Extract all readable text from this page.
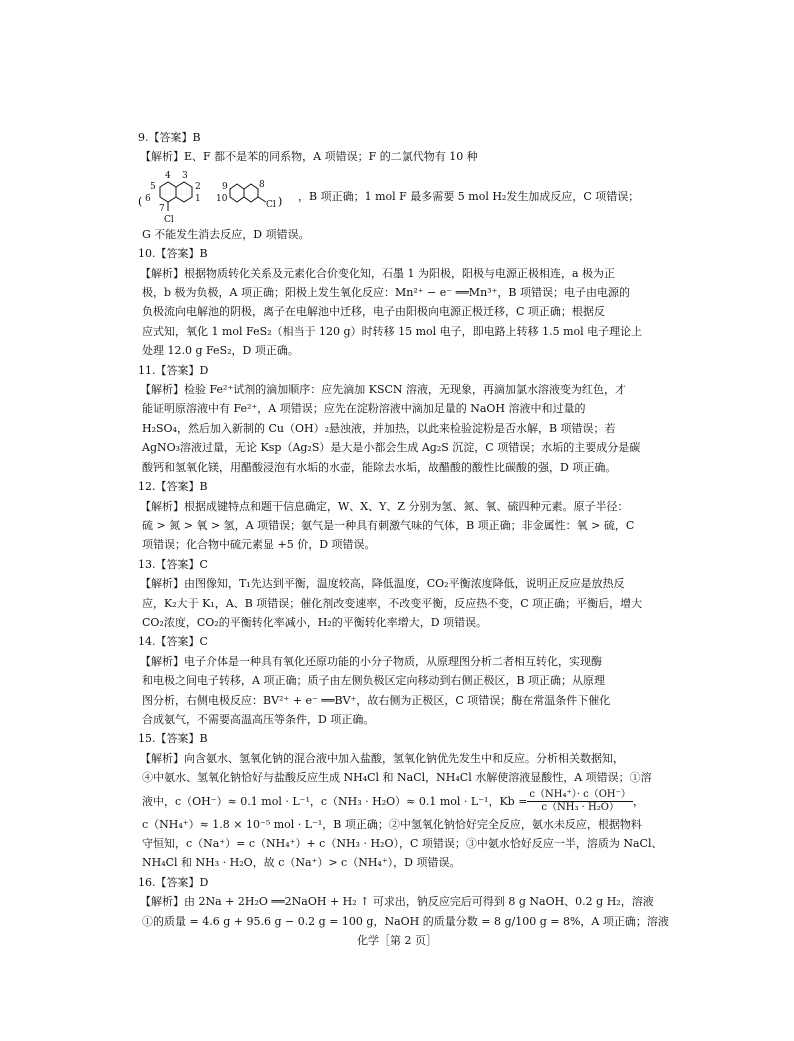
9.【答案】B
【解析】E、F 都不是苯的同系物，A 项错误；F 的二氯代物有 10 种
(
4 3
5	2
6	1
7
Cl
9	8
10
Cl ) ，B 项正确；1 mol F 最多需要 5 mol H₂发生加成反应，C 项错误；
G 不能发生消去反应，D 项错误。
10.【答案】B
【解析】根据物质转化关系及元素化合价变化知，石墨 1 为阳极，阳极与电源正极相连，a 极为正
极，b 极为负极，A 项正确；阳极上发生氧化反应：Mn²⁺ − e⁻ ══Mn³⁺，B 项错误；电子由电源的
负极流向电解池的阴极，离子在电解池中迁移，电子由阳极向电源正极迁移，C 项正确；根据反
应式知，氧化 1 mol FeS₂（相当于 120 g）时转移 15 mol 电子，即电路上转移 1.5 mol 电子理论上
处理 12.0 g FeS₂，D 项正确。
11.【答案】D
【解析】检验 Fe²⁺试剂的滴加顺序：应先滴加 KSCN 溶液，无现象，再滴加氯水溶液变为红色，才
能证明原溶液中有 Fe²⁺，A 项错误；应先在淀粉溶液中滴加足量的 NaOH 溶液中和过量的
H₂SO₄，然后加入新制的 Cu（OH）₂悬浊液，并加热，以此来检验淀粉是否水解，B 项错误；若
AgNO₃溶液过量，无论 Ksp（Ag₂S）是大是小都会生成 Ag₂S 沉淀，C 项错误；水垢的主要成分是碳
酸钙和氢氧化镁，用醋酸浸泡有水垢的水壶，能除去水垢，故醋酸的酸性比碳酸的强，D 项正确。
12.【答案】B
【解析】根据成键特点和题干信息确定，W、X、Y、Z 分别为氢、氮、氧、硫四种元素。原子半径：
硫 > 氮 > 氧 > 氢，A 项错误；氨气是一种具有刺激气味的气体，B 项正确；非金属性：氧 > 硫，C
项错误；化合物中硫元素显 +5 价，D 项错误。
13.【答案】C
【解析】由图像知，T₁先达到平衡，温度较高，降低温度，CO₂平衡浓度降低，说明正反应是放热反
应，K₂大于 K₁，A、B 项错误；催化剂改变速率，不改变平衡，反应热不变，C 项正确；平衡后，增大
CO₂浓度，CO₂的平衡转化率减小，H₂的平衡转化率增大，D 项错误。
14.【答案】C
【解析】电子介体是一种具有氧化还原功能的小分子物质，从原理图分析二者相互转化，实现酶
和电极之间电子转移，A 项正确；质子由左侧负极区定向移动到右侧正极区，B 项正确；从原理
图分析，右侧电极反应：BV²⁺ + e⁻ ══BV⁺，故右侧为正极区，C 项错误；酶在常温条件下催化
合成氨气，不需要高温高压等条件，D 项正确。
15.【答案】B
【解析】向含氨水、氢氧化钠的混合液中加入盐酸，氢氧化钠优先发生中和反应。分析相关数据知，
④中氨水、氢氧化钠恰好与盐酸反应生成 NH₄Cl 和 NaCl，NH₄Cl 水解使溶液显酸性，A 项错误；①溶
液中，c（OH⁻）≈ 0.1 mol · L⁻¹，c（NH₃ · H₂O）≈ 0.1 mol · L⁻¹，$Kb = \frac{\text{c（NH₄⁺）· c（OH⁻）}}{\text{c（NH₃ · H₂O）}}$ ，
c（NH₄⁺）≈ 1.8 × 10⁻⁵ mol · L⁻¹，B 项正确；②中氢氧化钠恰好完全反应，氨水未反应，根据物料
守恒知，c（Na⁺）= c（NH₄⁺）+ c（NH₃ · H₂O），C 项错误；③中氨水恰好反应一半，溶质为 NaCl、
NH₄Cl 和 NH₃ · H₂O，故 c（Na⁺）> c（NH₄⁺），D 项错误。
16.【答案】D
【解析】由 2Na + 2H₂O ══2NaOH + H₂ ↑ 可求出，钠反应完后可得到 8 g NaOH、0.2 g H₂，溶液
①的质量 = 4.6 g + 95.6 g − 0.2 g = 100 g，NaOH 的质量分数 = 8 g/100 g = 8%，A 项正确；溶液
化学［第 2 页］
